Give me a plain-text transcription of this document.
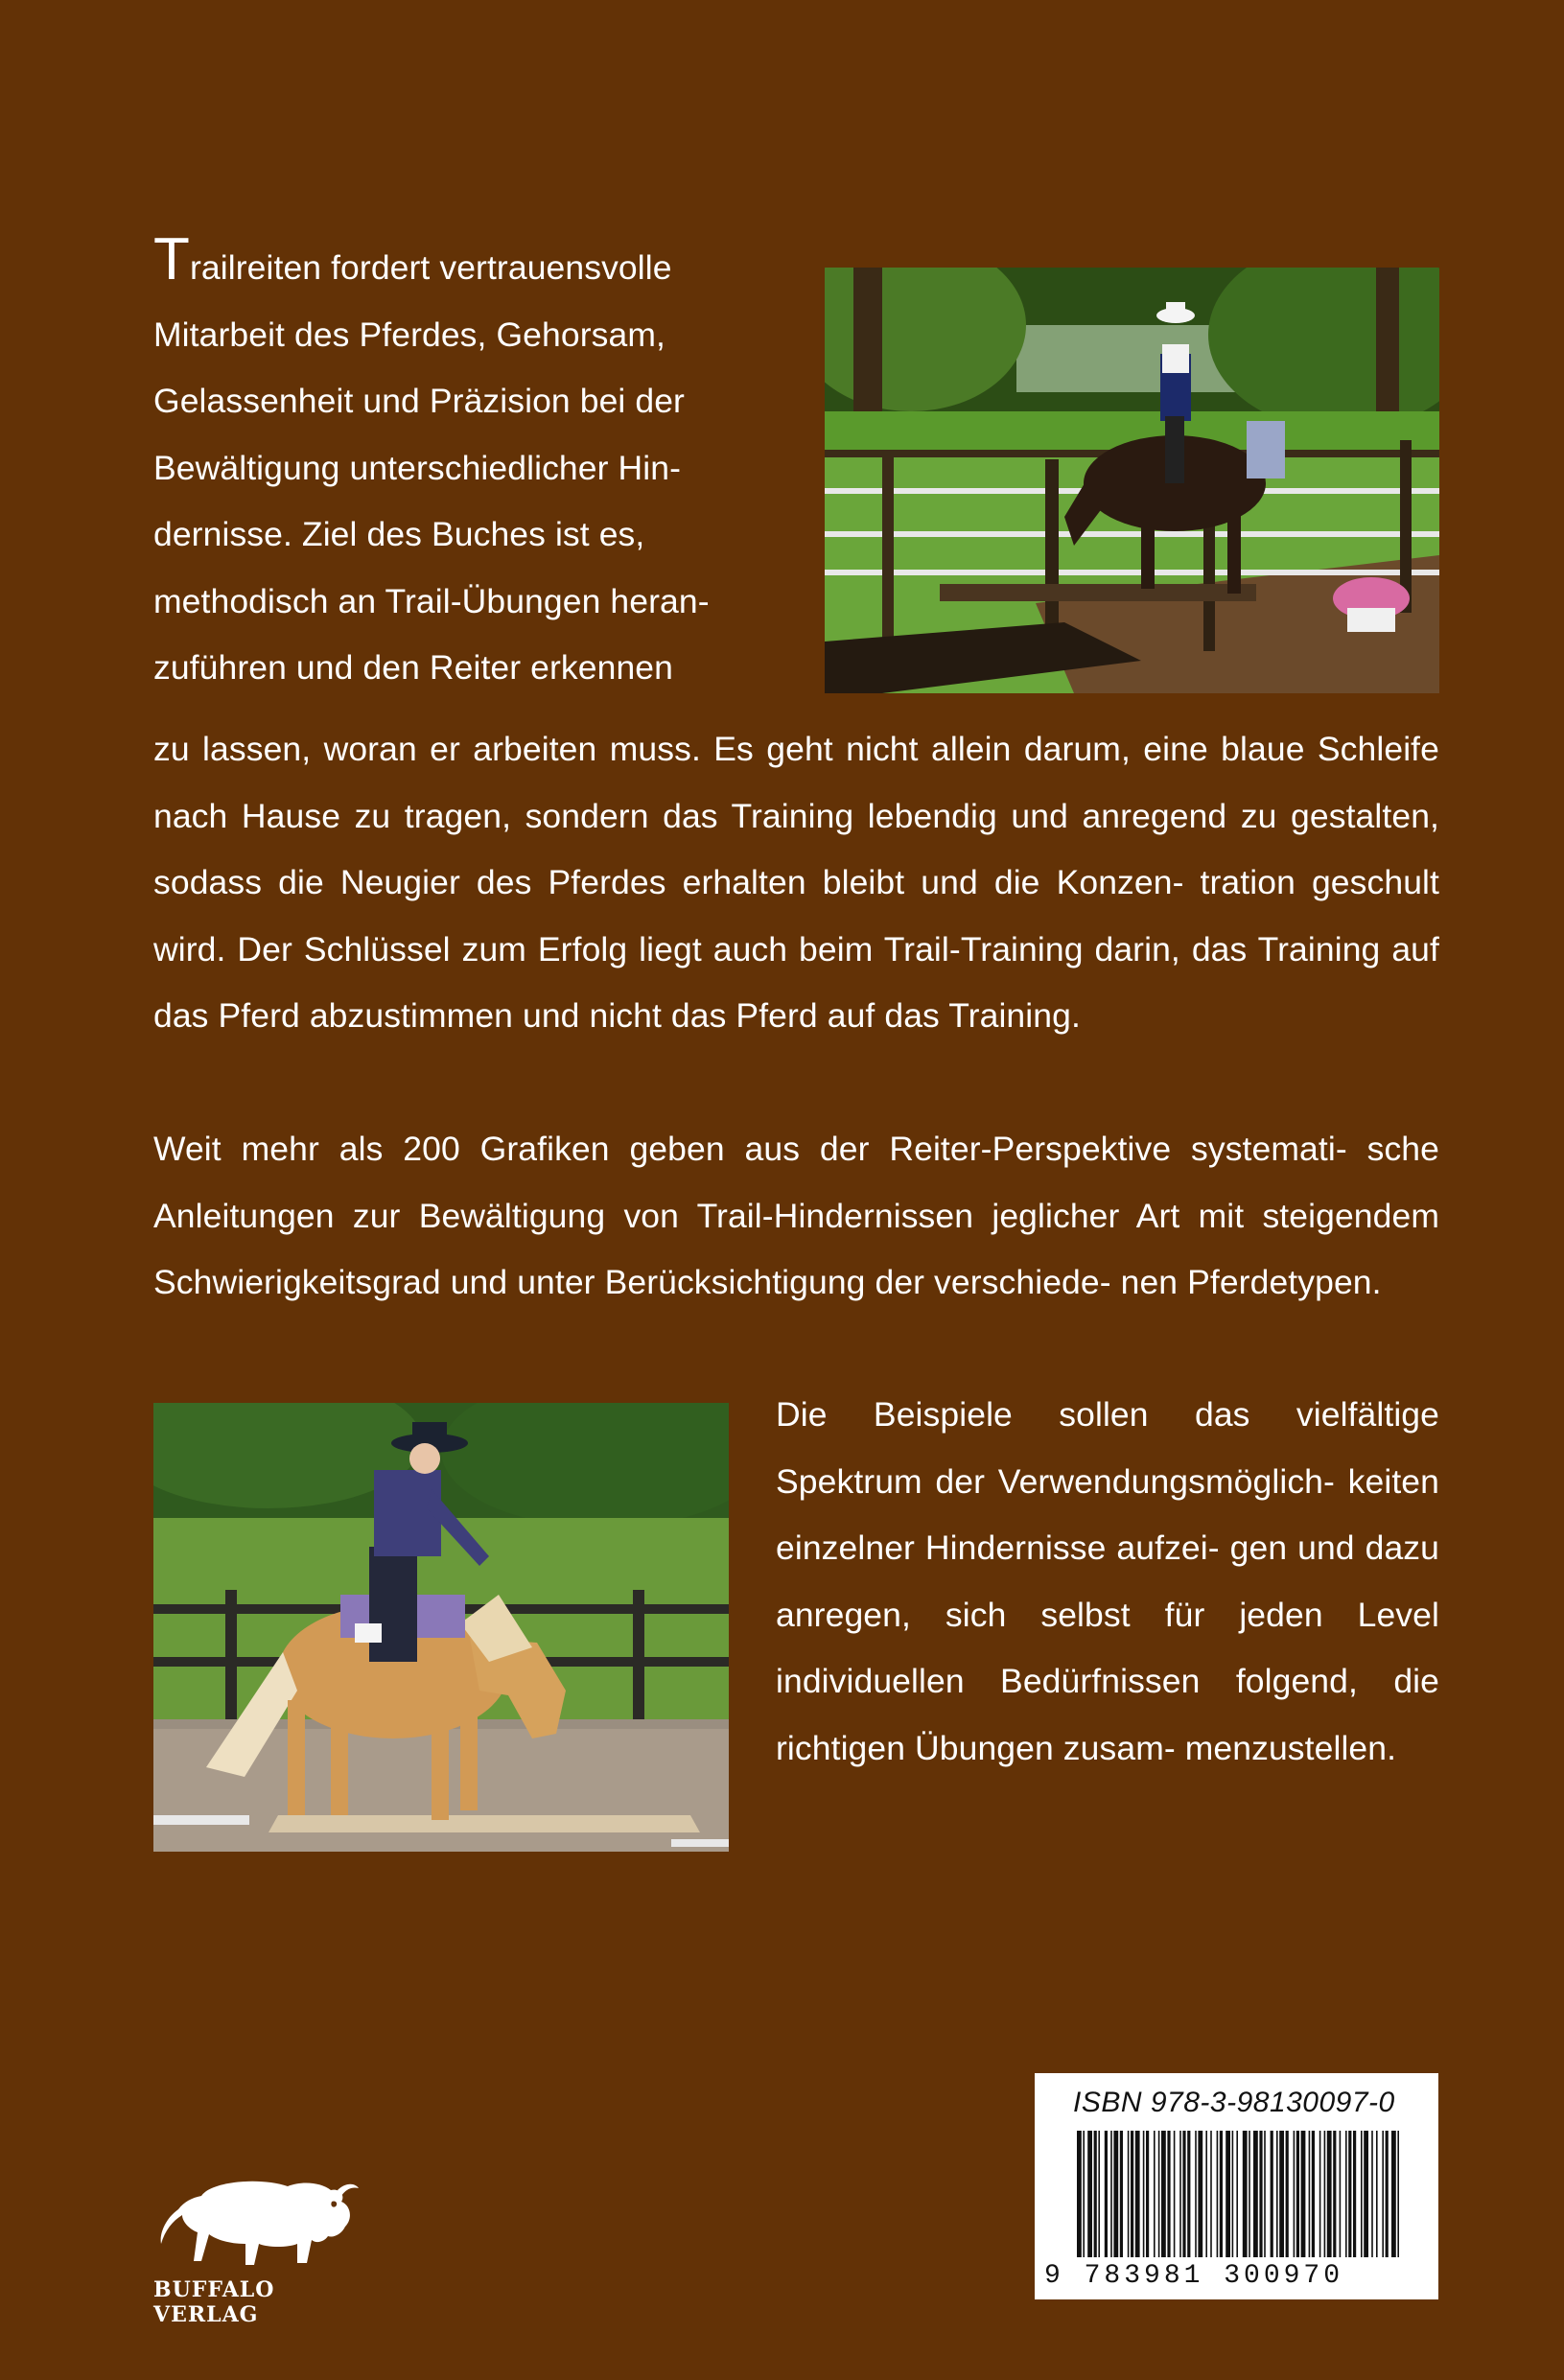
Trailreiten fordert vertrauensvolle
Mitarbeit des Pferdes, Gehorsam,
Gelassenheit und Präzision bei der
Bewältigung unterschiedlicher Hin-
dernisse. Ziel des Buches ist es,
methodisch an Trail-Übungen heran-
zuführen und den Reiter erkennen
zu lassen, woran er arbeiten muss. Es geht nicht allein darum, eine blaue Schleife nach Hause zu tragen, sondern das Training lebendig und anregend zu gestalten, sodass die Neugier des Pferdes erhalten bleibt und die Konzen- tration geschult wird. Der Schlüssel zum Erfolg liegt auch beim Trail-Training darin, das Training auf das Pferd abzustimmen und nicht das Pferd auf das Training.
Weit mehr als 200 Grafiken geben aus der Reiter-Perspektive systemati- sche Anleitungen zur Bewältigung von Trail-Hindernissen jeglicher Art mit steigendem Schwierigkeitsgrad und unter Berücksichtigung der verschiede- nen Pferdetypen.
Die Beispiele sollen das vielfältige Spektrum der Verwendungsmöglich- keiten einzelner Hindernisse aufzei- gen und dazu anregen, sich selbst für jeden Level individuellen Bedürfnissen folgend, die richtigen Übungen zusam- menzustellen.
BUFFALO VERLAG
ISBN 978-3-98130097-0
9 783981 300970
